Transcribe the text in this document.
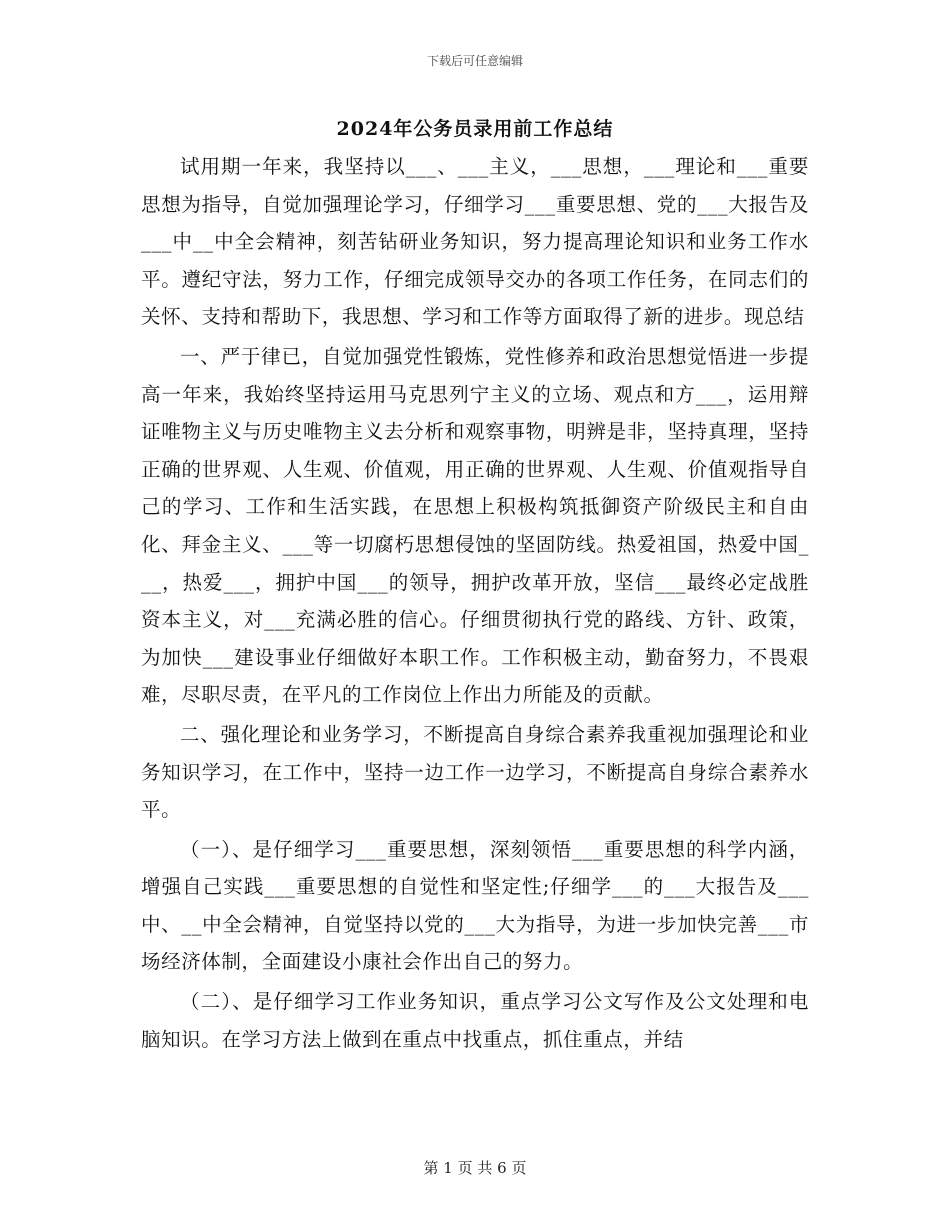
下载后可任意编辑
2024年公务员录用前工作总结

试用期一年来，我坚持以___、___主义，___思想，___理论和___重要思想为指导，自觉加强理论学习，仔细学习___重要思想、党的___大报告及___中__中全会精神，刻苦钻研业务知识，努力提高理论知识和业务工作水平。遵纪守法，努力工作，仔细完成领导交办的各项工作任务，在同志们的关怀、支持和帮助下，我思想、学习和工作等方面取得了新的进步。现总结

一、严于律已，自觉加强党性锻炼，党性修养和政治思想觉悟进一步提高一年来，我始终坚持运用马克思列宁主义的立场、观点和方___，运用辩证唯物主义与历史唯物主义去分析和观察事物，明辨是非，坚持真理，坚持正确的世界观、人生观、价值观，用正确的世界观、人生观、价值观指导自己的学习、工作和生活实践，在思想上积极构筑抵御资产阶级民主和自由化、拜金主义、___等一切腐朽思想侵蚀的坚固防线。热爱祖国，热爱中国___，热爱___，拥护中国___的领导，拥护改革开放，坚信___最终必定战胜资本主义，对___充满必胜的信心。仔细贯彻执行党的路线、方针、政策，为加快___建设事业仔细做好本职工作。工作积极主动，勤奋努力，不畏艰难，尽职尽责，在平凡的工作岗位上作出力所能及的贡献。

二、强化理论和业务学习，不断提高自身综合素养我重视加强理论和业务知识学习，在工作中，坚持一边工作一边学习，不断提高自身综合素养水平。

（一）、是仔细学习___重要思想，深刻领悟___重要思想的科学内涵，增强自己实践___重要思想的自觉性和坚定性;仔细学___的___大报告及___中、__中全会精神，自觉坚持以党的___大为指导，为进一步加快完善___市场经济体制，全面建设小康社会作出自己的努力。

（二）、是仔细学习工作业务知识，重点学习公文写作及公文处理和电脑知识。在学习方法上做到在重点中找重点，抓住重点，并结

第 1 页 共 6 页
